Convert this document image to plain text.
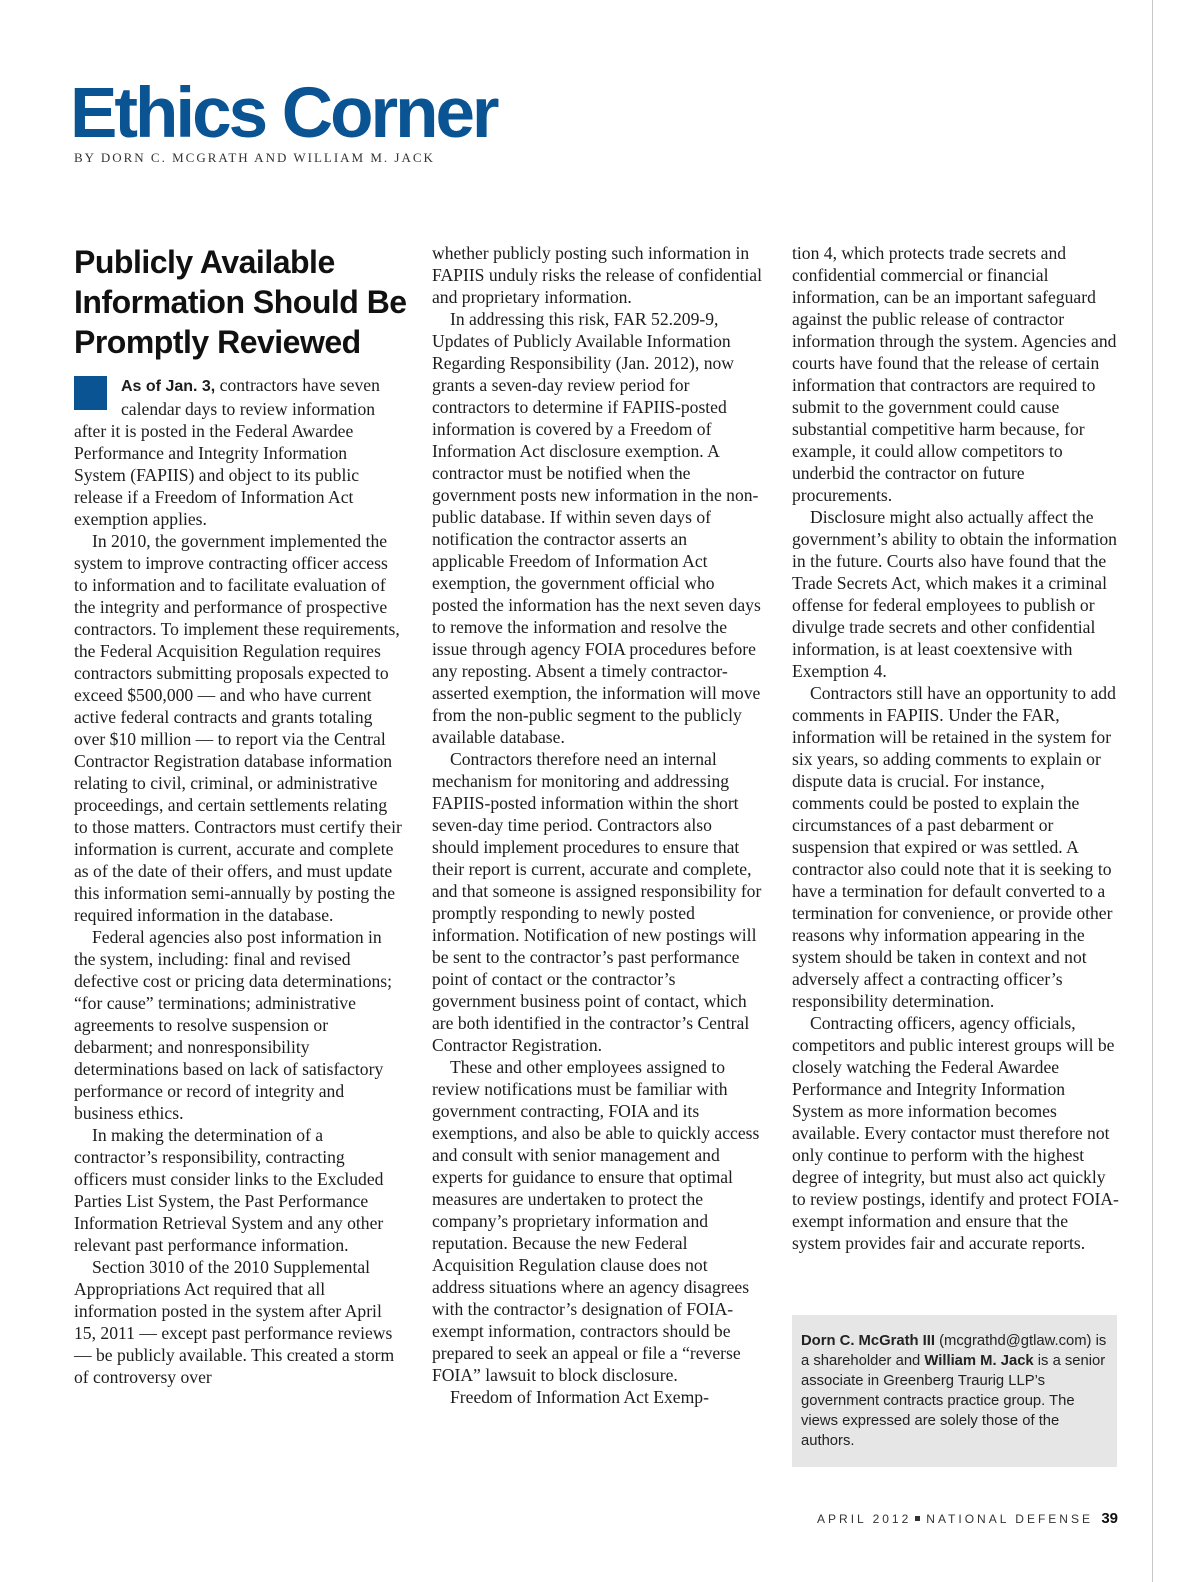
Ethics Corner
BY DORN C. MCGRATH AND WILLIAM M. JACK
Publicly Available Information Should Be Promptly Reviewed

As of Jan. 3, contractors have seven calendar days to review information after it is posted in the Federal Awardee Performance and Integrity Information System (FAPIIS) and object to its public release if a Freedom of Information Act exemption applies.

In 2010, the government implemented the system to improve contracting officer access to information and to facilitate evaluation of the integrity and performance of prospective contractors. To implement these requirements, the Federal Acquisition Regulation requires contractors submitting proposals expected to exceed $500,000 — and who have current active federal contracts and grants totaling over $10 million — to report via the Central Contractor Registration database information relating to civil, criminal, or administrative proceedings, and certain settlements relating to those matters. Contractors must certify their information is current, accurate and complete as of the date of their offers, and must update this information semi-annually by posting the required information in the database.

Federal agencies also post information in the system, including: final and revised defective cost or pricing data determinations; “for cause” terminations; administrative agreements to resolve suspension or debarment; and nonresponsibility determinations based on lack of satisfactory performance or record of integrity and business ethics.

In making the determination of a contractor’s responsibility, contracting officers must consider links to the Excluded Parties List System, the Past Performance Information Retrieval System and any other relevant past performance information.

Section 3010 of the 2010 Supplemental Appropriations Act required that all information posted in the system after April 15, 2011 — except past performance reviews — be publicly available. This created a storm of controversy over

whether publicly posting such information in FAPIIS unduly risks the release of confidential and proprietary information.

In addressing this risk, FAR 52.209-9, Updates of Publicly Available Information Regarding Responsibility (Jan. 2012), now grants a seven-day review period for contractors to determine if FAPIIS-posted information is covered by a Freedom of Information Act disclosure exemption. A contractor must be notified when the government posts new information in the non-public database. If within seven days of notification the contractor asserts an applicable Freedom of Information Act exemption, the government official who posted the information has the next seven days to remove the information and resolve the issue through agency FOIA procedures before any reposting. Absent a timely contractor-asserted exemption, the information will move from the non-public segment to the publicly available database.

Contractors therefore need an internal mechanism for monitoring and addressing FAPIIS-posted information within the short seven-day time period. Contractors also should implement procedures to ensure that their report is current, accurate and complete, and that someone is assigned responsibility for promptly responding to newly posted information. Notification of new postings will be sent to the contractor’s past performance point of contact or the contractor’s government business point of contact, which are both identified in the contractor’s Central Contractor Registration.

These and other employees assigned to review notifications must be familiar with government contracting, FOIA and its exemptions, and also be able to quickly access and consult with senior management and experts for guidance to ensure that optimal measures are undertaken to protect the company’s proprietary information and reputation. Because the new Federal Acquisition Regulation clause does not address situations where an agency disagrees with the contractor’s designation of FOIA-exempt information, contractors should be prepared to seek an appeal or file a “reverse FOIA” lawsuit to block disclosure.

Freedom of Information Act Exemp-

tion 4, which protects trade secrets and confidential commercial or financial information, can be an important safeguard against the public release of contractor information through the system. Agencies and courts have found that the release of certain information that contractors are required to submit to the government could cause substantial competitive harm because, for example, it could allow competitors to underbid the contractor on future procurements.

Disclosure might also actually affect the government’s ability to obtain the information in the future. Courts also have found that the Trade Secrets Act, which makes it a criminal offense for federal employees to publish or divulge trade secrets and other confidential information, is at least coextensive with Exemption 4.

Contractors still have an opportunity to add comments in FAPIIS. Under the FAR, information will be retained in the system for six years, so adding comments to explain or dispute data is crucial. For instance, comments could be posted to explain the circumstances of a past debarment or suspension that expired or was settled. A contractor also could note that it is seeking to have a termination for default converted to a termination for convenience, or provide other reasons why information appearing in the system should be taken in context and not adversely affect a contracting officer’s responsibility determination.

Contracting officers, agency officials, competitors and public interest groups will be closely watching the Federal Awardee Performance and Integrity Information System as more information becomes available. Every contactor must therefore not only continue to perform with the highest degree of integrity, but must also act quickly to review postings, identify and protect FOIA-exempt information and ensure that the system provides fair and accurate reports.

Dorn C. McGrath III (mcgrathd@gtlaw.com) is a shareholder and William M. Jack is a senior associate in Greenberg Traurig LLP’s government contracts practice group. The views expressed are solely those of the authors.
APRIL 2012 NATIONAL DEFENSE 39
